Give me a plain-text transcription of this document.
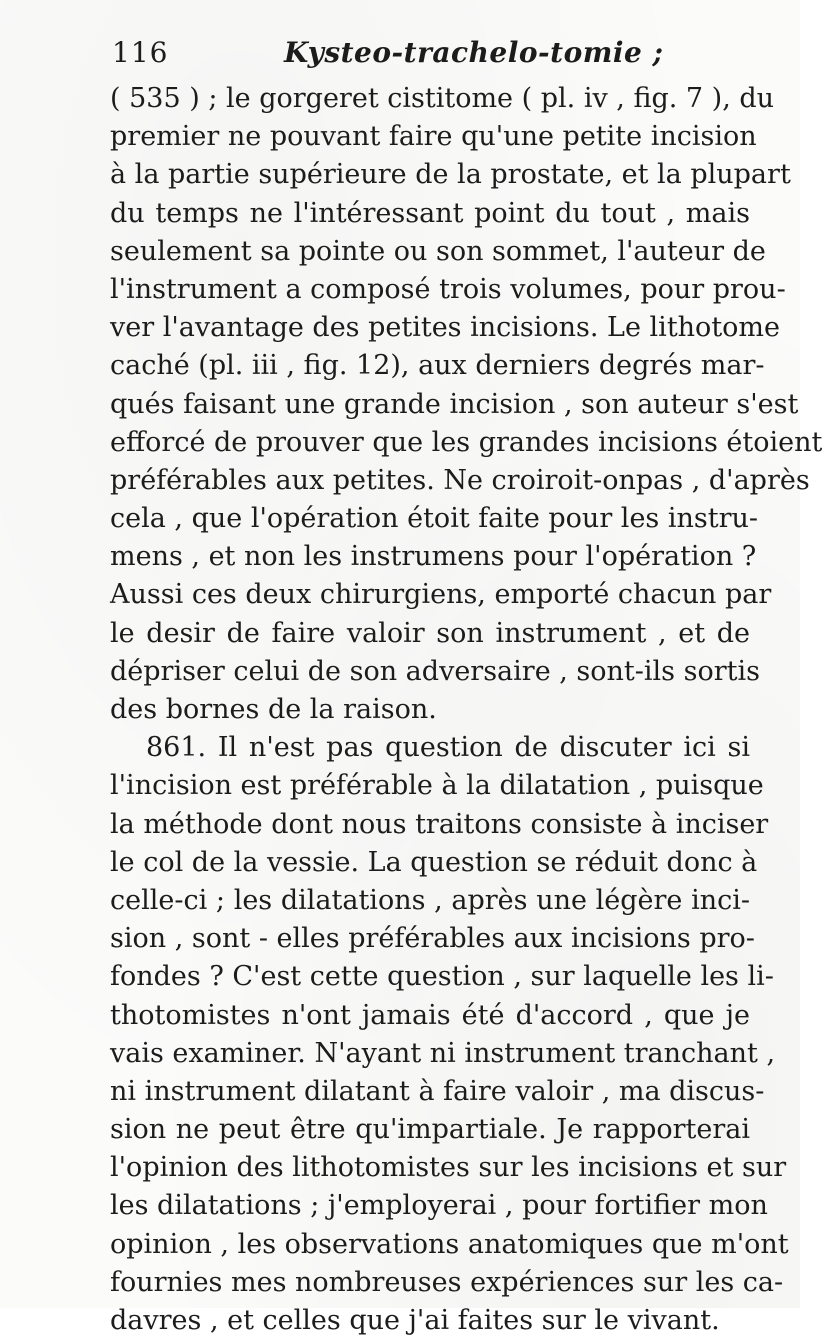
116	Kysteo-trachelo-tomie ;
( 535 ) ; le gorgeret cistitome ( pl. iv , fig. 7 ), du
premier ne pouvant faire qu'une petite incision
à la partie supérieure de la prostate, et la plupart
du temps ne l'intéressant point du tout , mais
seulement sa pointe ou son sommet, l'auteur de
l'instrument a composé trois volumes, pour prou-
ver l'avantage des petites incisions. Le lithotome
caché (pl. iii , fig. 12), aux derniers degrés mar-
qués faisant une grande incision , son auteur s'est
efforcé de prouver que les grandes incisions étoient
préférables aux petites. Ne croiroit-onpas , d'après
cela , que l'opération étoit faite pour les instru-
mens , et non les instrumens pour l'opération ?
Aussi ces deux chirurgiens, emporté chacun par
le desir de faire valoir son instrument , et de
dépriser celui de son adversaire , sont-ils sortis
des bornes de la raison.
861. Il n'est pas question de discuter ici si
l'incision est préférable à la dilatation , puisque
la méthode dont nous traitons consiste à inciser
le col de la vessie. La question se réduit donc à
celle-ci ; les dilatations , après une légère inci-
sion , sont - elles préférables aux incisions pro-
fondes ? C'est cette question , sur laquelle les li-
thotomistes n'ont jamais été d'accord , que je
vais examiner. N'ayant ni instrument tranchant ,
ni instrument dilatant à faire valoir , ma discus-
sion ne peut être qu'impartiale. Je rapporterai
l'opinion des lithotomistes sur les incisions et sur
les dilatations ; j'employerai , pour fortifier mon
opinion , les observations anatomiques que m'ont
fournies mes nombreuses expériences sur les ca-
davres , et celles que j'ai faites sur le vivant.
